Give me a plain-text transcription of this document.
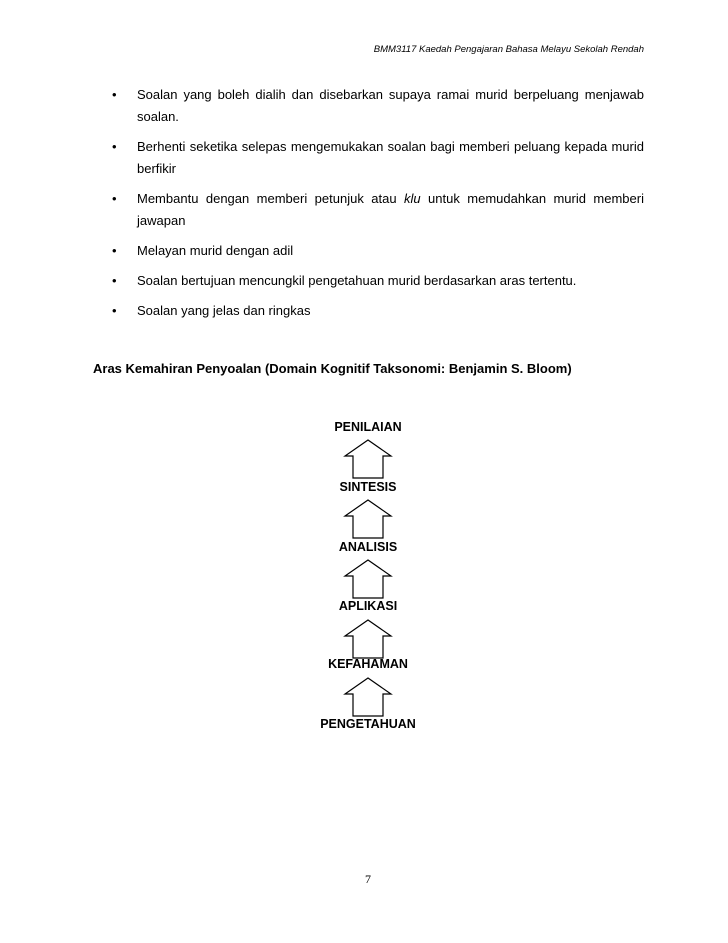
BMM3117 Kaedah Pengajaran Bahasa Melayu Sekolah Rendah
• Soalan yang boleh dialih dan disebarkan supaya ramai murid berpeluang menjawab soalan.
• Berhenti seketika selepas mengemukakan soalan bagi memberi peluang kepada murid berfikir
• Membantu dengan memberi petunjuk atau klu untuk memudahkan murid memberi jawapan
• Melayan murid dengan adil
• Soalan bertujuan mencungkil pengetahuan murid berdasarkan aras tertentu.
• Soalan yang jelas dan ringkas
Aras Kemahiran Penyoalan (Domain Kognitif Taksonomi: Benjamin S. Bloom)
PENILAIAN
SINTESIS
ANALISIS
APLIKASI
KEFAHAMAN
PENGETAHUAN
7
